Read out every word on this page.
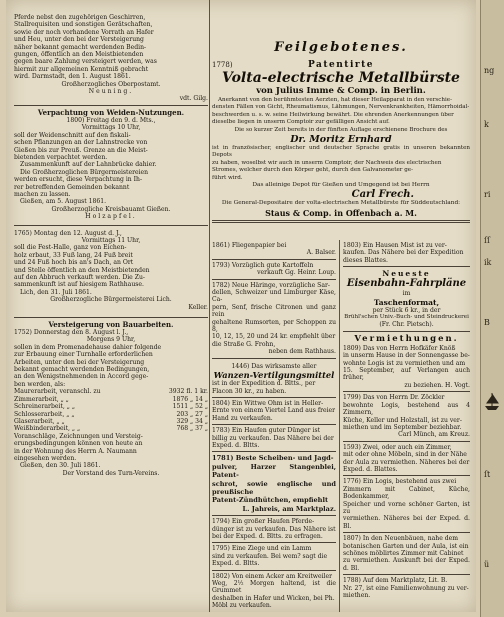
Pferde nebst den zugehörigen Geschirren,

Stallrequisiten und sonstigen Gerätschaften,

sowie der noch vorhandene Vorrath an Hafer

und Heu, unter den bei der Versteigerung

näher bekannt gemacht werdenden Bedin-

gungen, öffentlich an den Meistbietenden

gegen baare Zahlung versteigert werden, was

hiermit zur allgemeinen Kenntniß gebracht

wird. Darmstadt, den 1. August 1861.

Großherzogliches Oberpostamt.

Neuning.

vdt. Gilg.

Verpachtung von Weiden-Nutzungen.

1800) Freitag den 9. d. Mts.,

Vormittags 10 Uhr,

soll der Weidenschnitt auf den fiskali-

schen Pflanzungen an der Lahnstrecke von

Gießen bis zur Preuß. Grenze an die Meist-

bietenden verpachtet werden.

Zusammenkunft auf der Lahnbrücke dahier.

Die Großherzoglichen Bürgermeistereien

werden ersucht, diese Verpachtung in Ih-

rer betreffenden Gemeinden bekannt

machen zu lassen.

Gießen, am 5. August 1861.

Großherzogliche Kreisbauamt Gießen.

Holzapfel.

1765) Montag den 12. August d. J.,

Vormittags 11 Uhr,

soll die Fest-Halle, ganz von Eichen-

holz erbaut, 33 Fuß lang, 24 Fuß breit

und 24 Fuß hoch bis an's Dach, an Ort

und Stelle öffentlich an den Meistbietenden

auf den Abbruch verkauft werden. Die Zu-

sammenkunft ist auf hiesigem Rathhause.

Lich, den 31. Juli 1861.

Großherzogliche Bürgermeisterei Lich.

Keller.

Versteigerung von Bauarbeiten.

1752) Donnerstag den 8. August l. J.,

Morgens 9 Uhr,

sollen in dem Promenadehause dahier folgende

zur Erbauung einer Turnhalle erforderlichen

Arbeiten, unter den bei der Versteigerung

bekannt gemacht werdenden Bedingungen,

an den Wenigstnehmenden in Accord gege-

ben werden, als:

Maurerarbeit, veranschl. zu	3932 fl. 1 kr.
Zimmerarbeit, „ „	1876 „ 14 „
Schreinerarbeit, „ „	1511 „ 52 „
Schlosserarbeit, „ „	203 „ 27 „
Glaserarbeit, „ „	329 „ 34 „
Weißbinderarbeit, „ „	768 „ 37 „

Voranschläge, Zeichnungen und Versteig-

erungsbedingungen können von heute an

in der Wohnung des Herrn A. Naumann

eingesehen werden.

Gießen, den 30. Juli 1861.

Der Vorstand des Turn-Vereins.

Feilgebotenes.
1778)	Patentirte
Volta-electrische Metallbürste
von Julius Imme & Comp. in Berlin.

Anerkannt von den berühmtesten Aerzten, hat dieser Heilapparat in den verschie-

densten Fällen von Gicht, Rheumatismus, Lähmungen, Nervenkrankheiten, Hämorrhoidal-

beschwerden u. s. w. seine Heilwirkung bewährt. Die ehrenden Anerkennungen über

dieselbe liegen in unserm Comptoir zur gefälligen Ansicht auf.

Die so kurzer Zeit bereits in der fünften Auflage erschienene Brochure des

Dr. Moritz Ernhard

ist in französischer, englischer und deutscher Sprache gratis in unseren bekannten Depots

zu haben, woselbst wir auch in unserm Comptoir, der Nachweis des electrischen

Stromes, welcher durch den Körper geht, durch den Galvanometer ge-

führt wird.

Das alleinige Depot für Gießen und Umgegend ist bei Herrn

Carl Frech.

Die General-Depositaire der volta-electrischen Metallbürste für Süddeutschland:

Staus & Comp. in Offenbach a. M.

1861) Fliegenpapier bei

A. Balser.

1793) Vorzüglich gute Kartoffeln

verkauft Gg. Heinr. Loup.

1782) Neue Häringe, vorzügliche Sar-

dellen, Schweizer und Limburger Käse, Ca-

pern, Senf, frische Citronen und ganz rein

gehaltene Rumsorten, per Schoppen zu 8,

10, 12, 15, 20 und 24 kr. empfiehlt über

die Straße G. Frohn,

neben dem Rathhaus.

1446) Das wirksamste aller

Wanzen-Vertilgungsmittel

ist in der Expedition d. Bltts., per

Flacon 30 kr., zu haben.

1804) Ein Wittwe Ohm ist in Heller-

Ernte von einem Viertel Land aus freier

Hand zu verkaufen.

1783) Ein Haufen guter Dünger ist

billig zu verkaufen. Das Nähere bei der

Exped. d. Bltts.

1781) Beste Scheiben- und Jagd-

pulver, Harzer Stangenblei, Patent-

schrot, sowie englische und preußische

Patent-Zündhütchen, empfiehlt

L. Jahreis, am Marktplaz.

1794) Ein großer Haufen Pferde-

dünger ist zu verkaufen. Das Nähere ist

bei der Exped. d. Bltts. zu erfragen.

1795) Eine Ziege und ein Lamm

sind zu verkaufen. Bei wem? sagt die

Exped. d. Bltts.

1802) Von einem Acker am Kreitweiler

Weg, 2½ Morgen haltend, ist die Grummet

deshalben in Hafer und Wicken, bei Ph.

Möbl zu verkaufen.

1803) Ein Hausen Mist ist zu ver-

kaufen. Das Nähere bei der Expedition

dieses Blattes.

Neueste
Eisenbahn-Fahrpläne

im

Taschenformat,

per Stück 6 kr., in der

Brühl'schen Univ.-Buch- und Steindruckerei

(Fr. Chr. Pietsch).

Vermiethungen.

1809) Das von Herrn Hofkäfer Knöß

in unserm Hause in der Sonnengasse be-

wohnte Logis ist zu vermiethen und am

15. September, auf Verlangen auch früher,

zu beziehen. H. Vogt.

1799) Das von Herrn Dr. Zöckler

bewohnte Logis, bestehend aus 4 Zimmern,

Küche, Keller und Holzstall, ist zu ver-

miethen und im September beziehbar.

Carl Münch, am Kreuz.

1593) Zwei, oder auch ein Zimmer,

mit oder ohne Möbeln, sind in der Nähe

der Aula zu vermiethen. Näheres bei der

Exped. d. Blattes.

1776) Ein Logis, bestehend aus zwei

Zimmern mit Cabinet, Küche, Bodenkammer,

Speicher und vorne schöner Garten, ist zu

vermiethen. Näheres bei der Exped. d. Bl.

1807) In den Neuenbäuen, nahe dem

botanischen Garten und der Aula, ist ein

schönes möblirtes Zimmer mit Cabinet

zu vermiethen. Auskunft bei der Exped. d. Bl.

1788) Auf dem Marktplatz, Lit. B.

Nr. 27, ist eine Familienwohnung zu ver-

miethen.

ng
k
ri
ſſ
ik
B
ſt
ü
